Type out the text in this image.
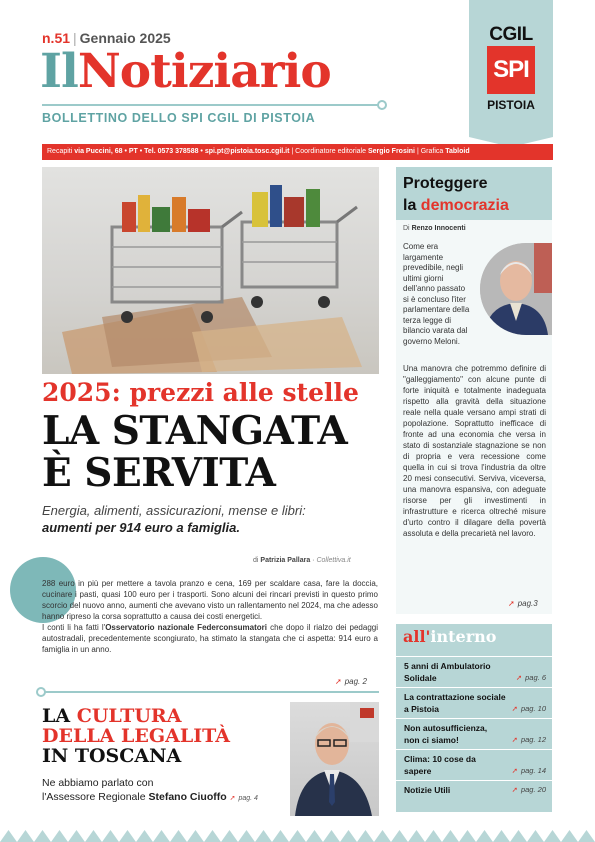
n.51 | Gennaio 2025
IlNotiziario
BOLLETTINO DELLO SPI CGIL DI PISTOIA
CGIL
SPI
PISTOIA
Recapiti via Puccini, 68 • PT • Tel. 0573 378588 • spi.pt@pistoia.tosc.cgil.it | Coordinatore editoriale Sergio Frosini | Grafica Tabloid
2025: prezzi alle stelle
LA STANGATA
È SERVITA
Energia, alimenti, assicurazioni, mense e libri:
aumenti per 914 euro a famiglia.
di Patrizia Pallara · Collettiva.it

288 euro in più per mettere a tavola pranzo e cena, 169 per scaldare casa, fare la doccia, cucinare i pasti, quasi 100 euro per i trasporti. Sono alcuni dei rincari previsti in questo primo scorcio del nuovo anno, aumenti che avevano visto un rallentamento nel 2024, ma che adesso hanno ripreso la corsa soprattutto a causa dei costi energetici.

I conti li ha fatti l'Osservatorio nazionale Federconsumatori che dopo il rialzo dei pedaggi autostradali, precedentemente scongiurato, ha stimato la stangata che ci aspetta: 914 euro a famiglia in un anno.

➚ pag. 2
LA CULTURA
DELLA LEGALITÀ
IN TOSCANA
Ne abbiamo parlato con
l'Assessore Regionale Stefano Ciuoffo ➚ pag. 4
Proteggere
la democrazia
Di Renzo Innocenti
Come era largamente prevedibile, negli ultimi giorni dell'anno passato si è concluso l'iter parlamentare della terza legge di bilancio varata dal governo Meloni.
Una manovra che potremmo definire di "galleggiamento" con alcune punte di forte iniquità e totalmente inadeguata rispetto alla gravità della situazione reale nella quale versano ampi strati di popolazione. Soprattutto inefficace di fronte ad una economia che versa in stato di sostanziale stagnazione se non di propria e vera recessione come quella in cui si trova l'industria da oltre 20 mesi consecutivi. Serviva, viceversa, una manovra espansiva, con adeguate risorse per gli investimenti in infrastrutture e ricerca oltreché misure d'urto contro il dilagare della povertà assoluta e della precarietà nel lavoro.
➚ pag.3
all'interno
5 anni di Ambulatorio Solidale	➚ pag. 6
La contrattazione sociale a Pistoia	➚ pag. 10
Non autosufficienza, non ci siamo!	➚ pag. 12
Clima: 10 cose da sapere	➚ pag. 14
Notizie Utili	➚ pag. 20
